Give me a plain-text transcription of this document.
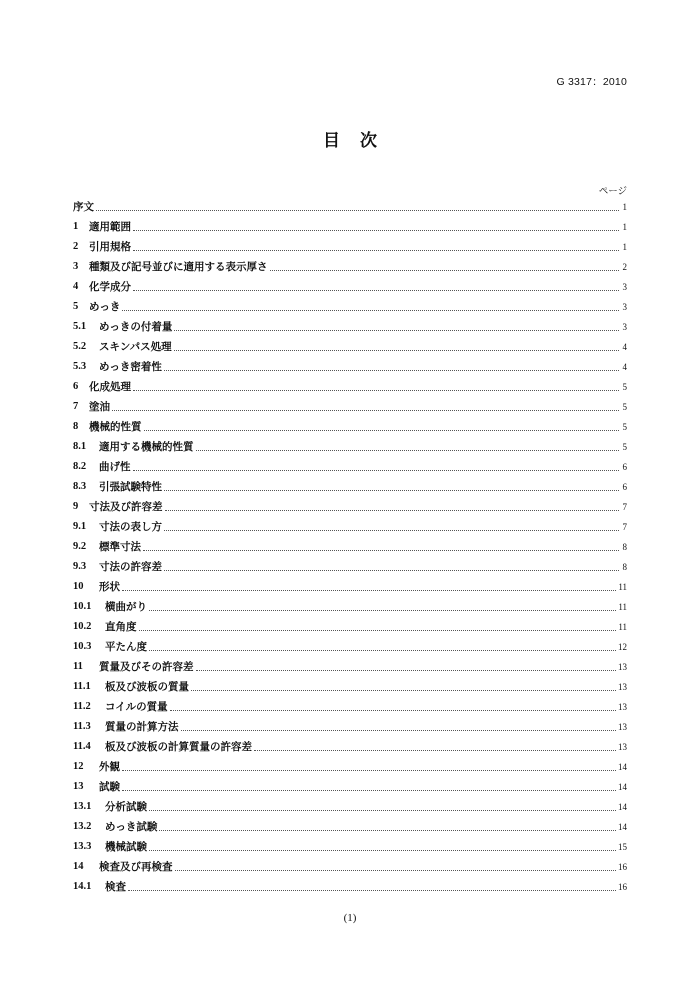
G 3317：2010
目次
ページ
序文	1
1	適用範囲	1
2	引用規格	1
3	種類及び記号並びに適用する表示厚さ	2
4	化学成分	3
5	めっき	3
5.1	めっきの付着量	3
5.2	スキンパス処理	4
5.3	めっき密着性	4
6	化成処理	5
7	塗油	5
8	機械的性質	5
8.1	適用する機械的性質	5
8.2	曲げ性	6
8.3	引張試験特性	6
9	寸法及び許容差	7
9.1	寸法の表し方	7
9.2	標準寸法	8
9.3	寸法の許容差	8
10	形状	11
10.1	横曲がり	11
10.2	直角度	11
10.3	平たん度	12
11	質量及びその許容差	13
11.1	板及び波板の質量	13
11.2	コイルの質量	13
11.3	質量の計算方法	13
11.4	板及び波板の計算質量の許容差	13
12	外観	14
13	試験	14
13.1	分析試験	14
13.2	めっき試験	14
13.3	機械試験	15
14	検査及び再検査	16
14.1	検査	16
(1)
